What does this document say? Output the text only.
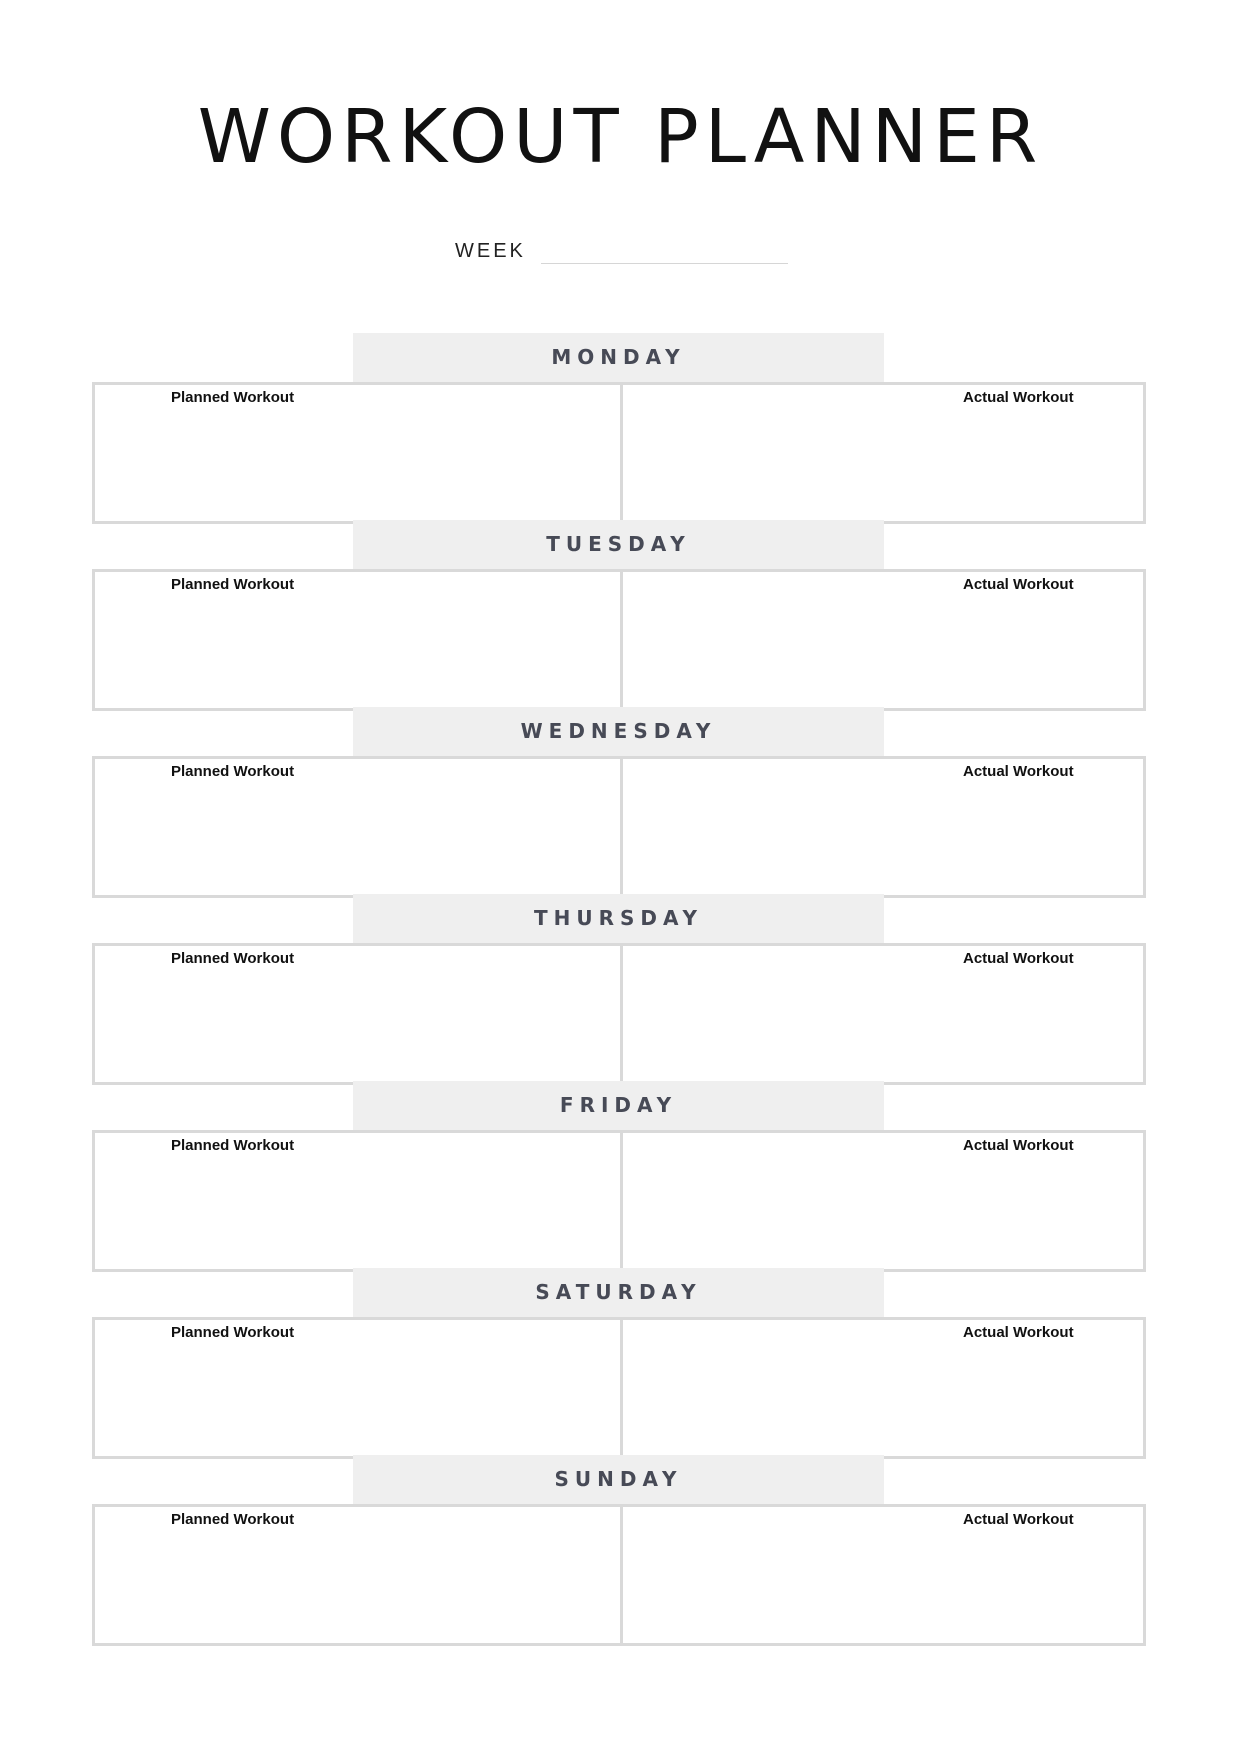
WORKOUT PLANNER
WEEK
MONDAY
Planned Workout	Actual Workout
TUESDAY
Planned Workout	Actual Workout
WEDNESDAY
Planned Workout	Actual Workout
THURSDAY
Planned Workout	Actual Workout
FRIDAY
Planned Workout	Actual Workout
SATURDAY
Planned Workout	Actual Workout
SUNDAY
Planned Workout	Actual Workout
